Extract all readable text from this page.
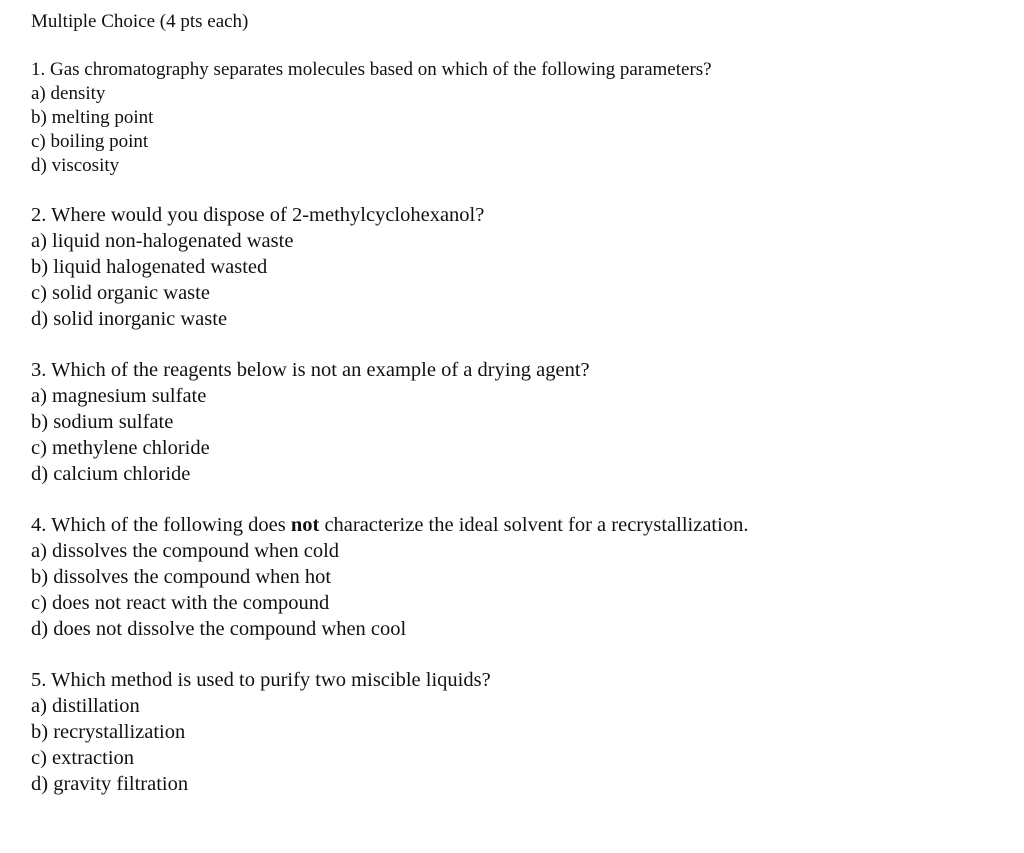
Multiple Choice (4 pts each)

1. Gas chromatography separates molecules based on which of the following parameters?

a) density

b) melting point

c) boiling point

d) viscosity

2. Where would you dispose of 2-methylcyclohexanol?

a) liquid non-halogenated waste

b) liquid halogenated wasted

c) solid organic waste

d) solid inorganic waste

3. Which of the reagents below is not an example of a drying agent?

a) magnesium sulfate

b) sodium sulfate

c) methylene chloride

d) calcium chloride

4. Which of the following does not characterize the ideal solvent for a recrystallization.

a) dissolves the compound when cold

b) dissolves the compound when hot

c) does not react with the compound

d) does not dissolve the compound when cool

5. Which method is used to purify two miscible liquids?

a) distillation

b) recrystallization

c) extraction

d) gravity filtration
